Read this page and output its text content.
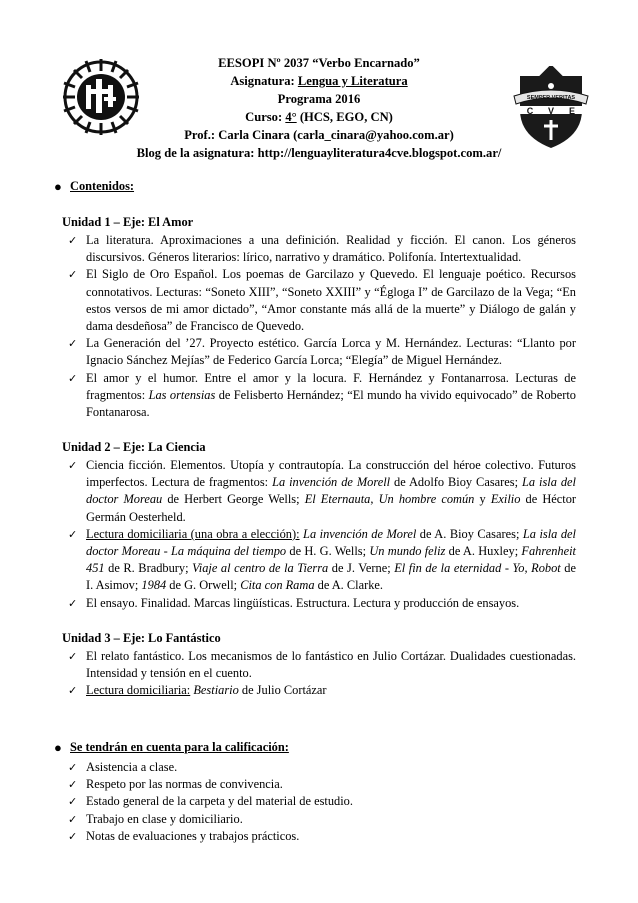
SEMPER VERITAS
C V E
EESOPI Nº 2037 “Verbo Encarnado”
Asignatura: Lengua y Literatura
Programa 2016
Curso: 4° (HCS, EGO, CN)
Prof.: Carla Cinara (carla_cinara@yahoo.com.ar)
Blog de la asignatura: http://lenguayliteratura4cve.blogspot.com.ar/
● Contenidos:
Unidad 1 – Eje: El Amor
✓ La literatura. Aproximaciones a una definición. Realidad y ficción. El canon. Los géneros discursivos. Géneros literarios: lírico, narrativo y dramático. Polifonía. Intertextualidad.
✓ El Siglo de Oro Español. Los poemas de Garcilazo y Quevedo. El lenguaje poético. Recursos connotativos. Lecturas: “Soneto XIII”, “Soneto XXIII” y “Égloga I” de Garcilazo de la Vega; “En estos versos de mi amor dictado”, “Amor constante más allá de la muerte” y Diálogo de galán y dama desdeñosa” de Francisco de Quevedo.
✓ La Generación del ’27. Proyecto estético. García Lorca y M. Hernández. Lecturas: “Llanto por Ignacio Sánchez Mejías” de Federico García Lorca; “Elegía” de Miguel Hernández.
✓ El amor y el humor. Entre el amor y la locura. F. Hernández y Fontanarrosa. Lecturas de fragmentos: Las ortensias de Felisberto Hernández; “El mundo ha vivido equivocado” de Roberto Fontanarosa.
Unidad 2 – Eje: La Ciencia
✓ Ciencia ficción. Elementos. Utopía y contrautopía. La construcción del héroe colectivo. Futuros imperfectos. Lectura de fragmentos: La invención de Morell de Adolfo Bioy Casares; La isla del doctor Moreau de Herbert George Wells; El Eternauta, Un hombre común y Exilio de Héctor Germán Oesterheld.
✓ Lectura domiciliaria (una obra a elección): La invención de Morel de A. Bioy Casares; La isla del doctor Moreau - La máquina del tiempo de H. G. Wells; Un mundo feliz de A. Huxley; Fahrenheit 451 de R. Bradbury; Viaje al centro de la Tierra de J. Verne; El fin de la eternidad - Yo, Robot de I. Asimov; 1984 de G. Orwell; Cita con Rama de A. Clarke.
✓ El ensayo. Finalidad. Marcas lingüísticas. Estructura. Lectura y producción de ensayos.
Unidad 3 – Eje: Lo Fantástico
✓ El relato fantástico. Los mecanismos de lo fantástico en Julio Cortázar. Dualidades cuestionadas. Intensidad y tensión en el cuento.
✓ Lectura domiciliaria: Bestiario de Julio Cortázar
● Se tendrán en cuenta para la calificación:
✓ Asistencia a clase.
✓ Respeto por las normas de convivencia.
✓ Estado general de la carpeta y del material de estudio.
✓ Trabajo en clase y domiciliario.
✓ Notas de evaluaciones y trabajos prácticos.
